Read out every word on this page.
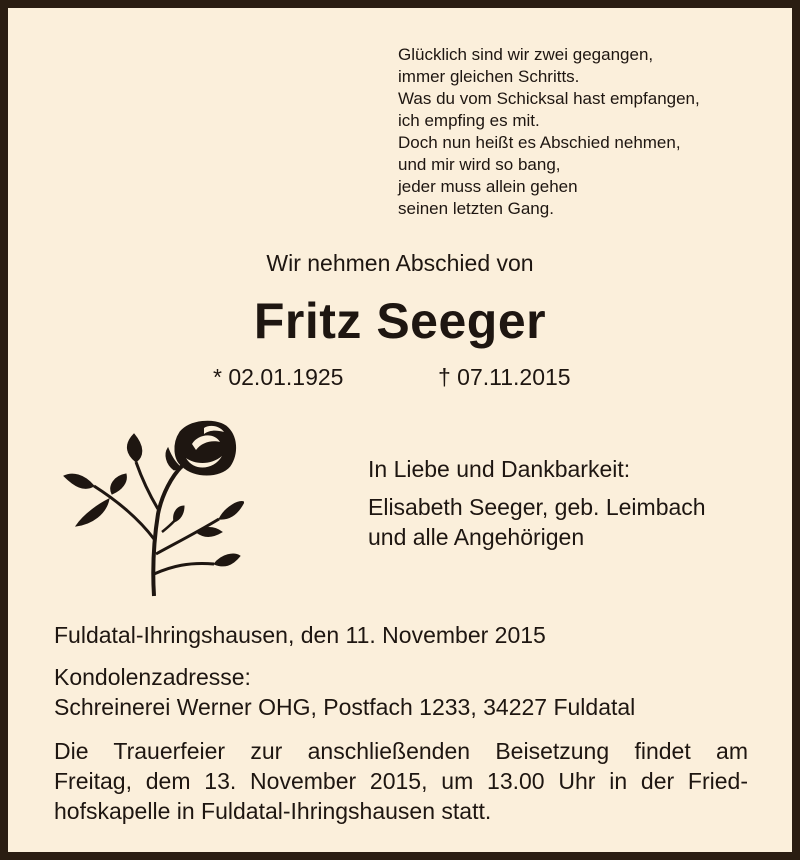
Glücklich sind wir zwei gegangen,
immer gleichen Schritts.
Was du vom Schicksal hast empfangen,
ich empfing es mit.
Doch nun heißt es Abschied nehmen,
und mir wird so bang,
jeder muss allein gehen
seinen letzten Gang.
Wir nehmen Abschied von
Fritz Seeger
* 02.01.1925	† 07.11.2015
In Liebe und Dankbarkeit:
Elisabeth Seeger, geb. Leimbach
und alle Angehörigen
Fuldatal-Ihringshausen, den 11. November 2015
Kondolenzadresse:
Schreinerei Werner OHG, Postfach 1233, 34227 Fuldatal
Die Trauerfeier zur anschließenden Beisetzung findet am
Freitag, dem 13. November 2015, um 13.00 Uhr in der Fried-
hofskapelle in Fuldatal-Ihringshausen statt.
